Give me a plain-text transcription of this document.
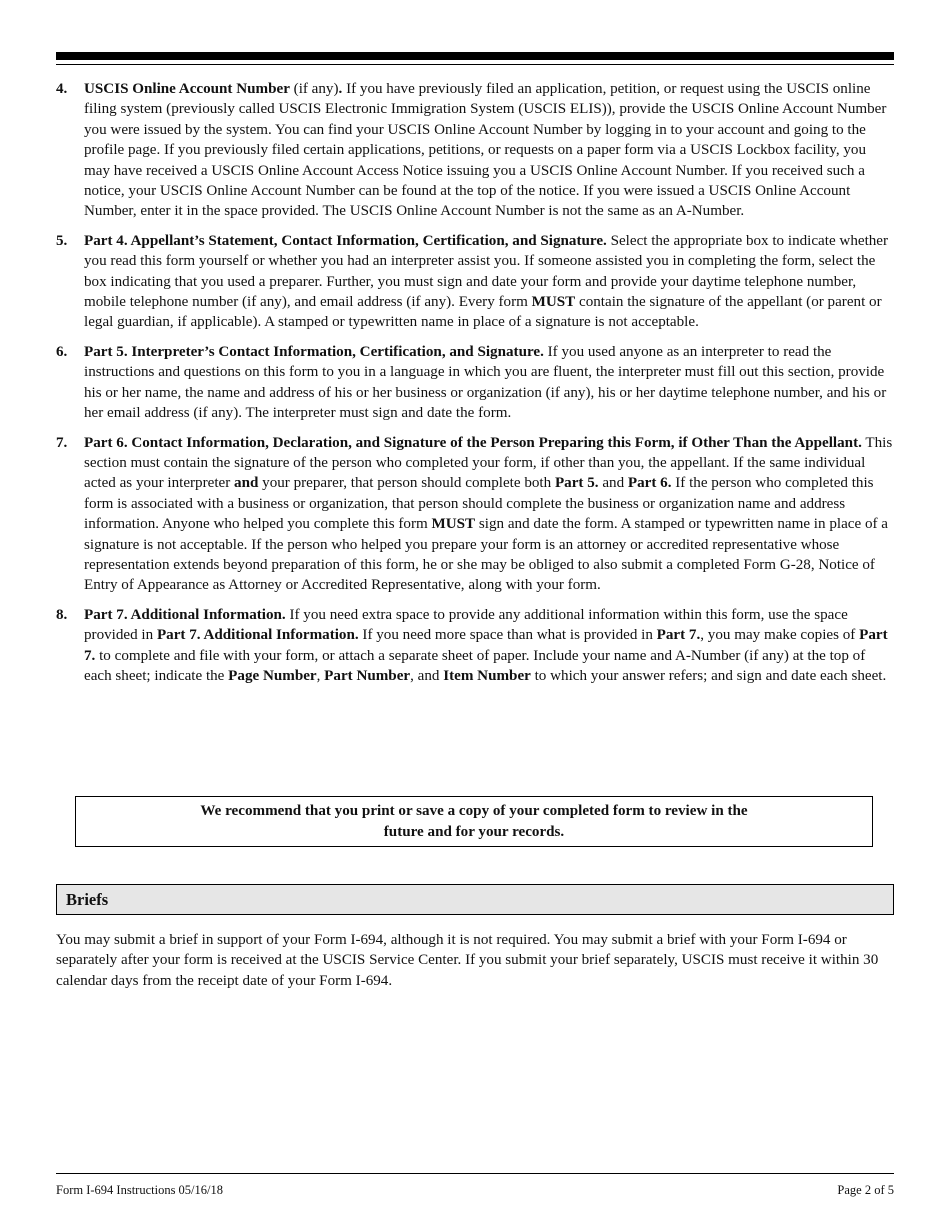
4.	USCIS Online Account Number (if any). If you have previously filed an application, petition, or request using the USCIS online filing system (previously called USCIS Electronic Immigration System (USCIS ELIS)), provide the USCIS Online Account Number you were issued by the system. You can find your USCIS Online Account Number by logging in to your account and going to the profile page. If you previously filed certain applications, petitions, or requests on a paper form via a USCIS Lockbox facility, you may have received a USCIS Online Account Access Notice issuing you a USCIS Online Account Number. If you received such a notice, your USCIS Online Account Number can be found at the top of the notice. If you were issued a USCIS Online Account Number, enter it in the space provided. The USCIS Online Account Number is not the same as an A-Number.
5.	Part 4. Appellant’s Statement, Contact Information, Certification, and Signature. Select the appropriate box to indicate whether you read this form yourself or whether you had an interpreter assist you. If someone assisted you in completing the form, select the box indicating that you used a preparer. Further, you must sign and date your form and provide your daytime telephone number, mobile telephone number (if any), and email address (if any). Every form MUST contain the signature of the appellant (or parent or legal guardian, if applicable). A stamped or typewritten name in place of a signature is not acceptable.
6.	Part 5. Interpreter’s Contact Information, Certification, and Signature. If you used anyone as an interpreter to read the instructions and questions on this form to you in a language in which you are fluent, the interpreter must fill out this section, provide his or her name, the name and address of his or her business or organization (if any), his or her daytime telephone number, and his or her email address (if any). The interpreter must sign and date the form.
7.	Part 6. Contact Information, Declaration, and Signature of the Person Preparing this Form, if Other Than the Appellant. This section must contain the signature of the person who completed your form, if other than you, the appellant. If the same individual acted as your interpreter and your preparer, that person should complete both Part 5. and Part 6. If the person who completed this form is associated with a business or organization, that person should complete the business or organization name and address information. Anyone who helped you complete this form MUST sign and date the form. A stamped or typewritten name in place of a signature is not acceptable. If the person who helped you prepare your form is an attorney or accredited representative whose representation extends beyond preparation of this form, he or she may be obliged to also submit a completed Form G-28, Notice of Entry of Appearance as Attorney or Accredited Representative, along with your form.
8.	Part 7. Additional Information. If you need extra space to provide any additional information within this form, use the space provided in Part 7. Additional Information. If you need more space than what is provided in Part 7., you may make copies of Part 7. to complete and file with your form, or attach a separate sheet of paper. Include your name and A-Number (if any) at the top of each sheet; indicate the Page Number, Part Number, and Item Number to which your answer refers; and sign and date each sheet.
We recommend that you print or save a copy of your completed form to review in the
future and for your records.
Briefs
You may submit a brief in support of your Form I-694, although it is not required. You may submit a brief with your Form I-694 or separately after your form is received at the USCIS Service Center. If you submit your brief separately, USCIS must receive it within 30 calendar days from the receipt date of your Form I-694.
Form I-694 Instructions 05/16/18	Page 2 of 5
